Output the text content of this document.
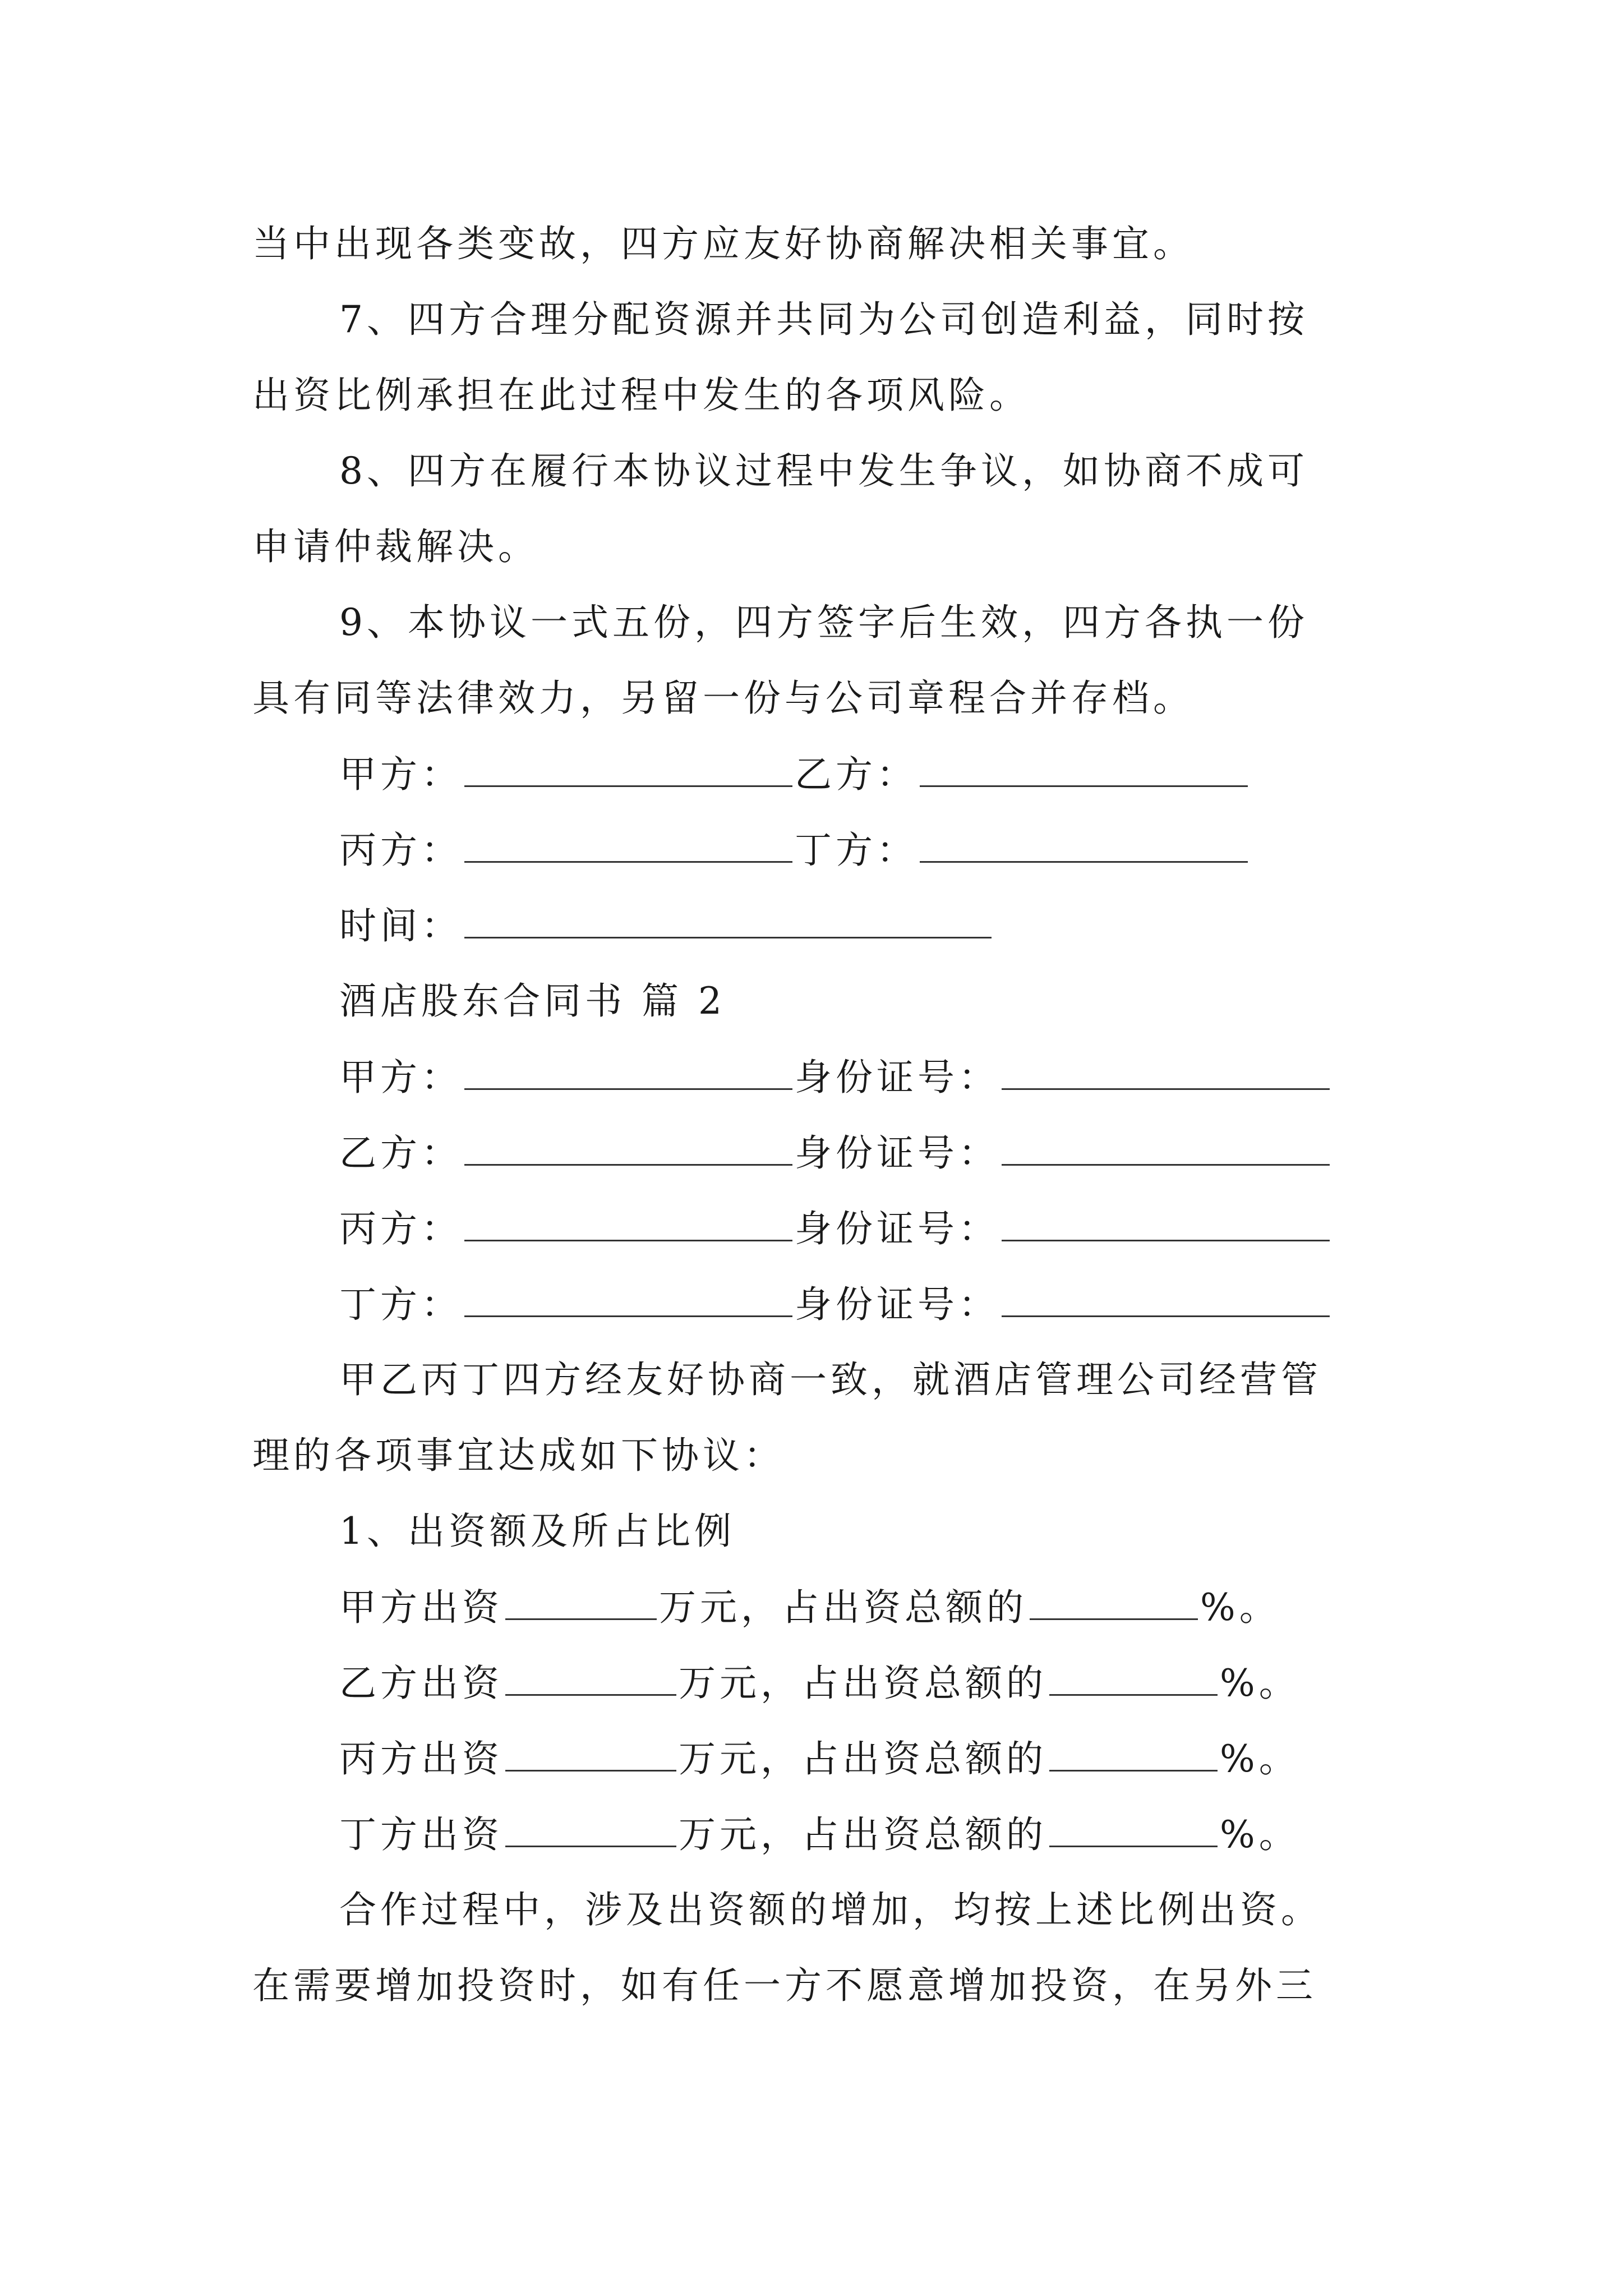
当中出现各类变故，四方应友好协商解决相关事宜。
7、四方合理分配资源并共同为公司创造利益，同时按
出资比例承担在此过程中发生的各项风险。
8、四方在履行本协议过程中发生争议，如协商不成可
申请仲裁解决。
9、本协议一式五份，四方签字后生效，四方各执一份
具有同等法律效力，另留一份与公司章程合并存档。
甲方：	乙方：
丙方：	丁方：
时间：
酒店股东合同书 篇 2
甲方：	身份证号：
乙方：	身份证号：
丙方：	身份证号：
丁方：	身份证号：
甲乙丙丁四方经友好协商一致，就酒店管理公司经营管
理的各项事宜达成如下协议：
1、出资额及所占比例
甲方出资	万元，占出资总额的	%。
乙方出资	万元，占出资总额的	%。
丙方出资	万元，占出资总额的	%。
丁方出资	万元，占出资总额的	%。
合作过程中，涉及出资额的增加，均按上述比例出资。
在需要增加投资时，如有任一方不愿意增加投资，在另外三
